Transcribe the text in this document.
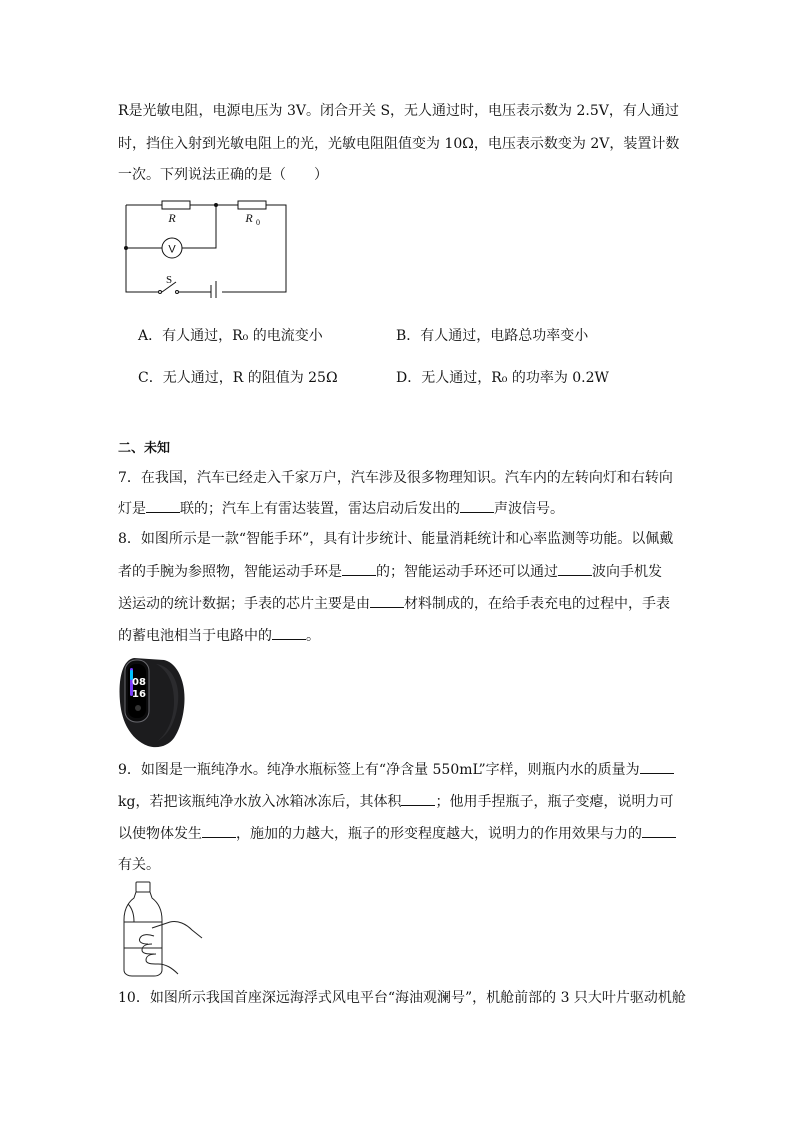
R是光敏电阻，电源电压为 3V。闭合开关 S，无人通过时，电压表示数为 2.5V，有人通过
时，挡住入射到光敏电阻上的光，光敏电阻阻值变为 10Ω，电压表示数变为 2V，装置计数
一次。下列说法正确的是（　　）
R	R 0
V
S
A．有人通过，R₀ 的电流变小	B．有人通过，电路总功率变小
C．无人通过，R 的阻值为 25Ω	D．无人通过，R₀ 的功率为 0.2W
二、未知
7．在我国，汽车已经走入千家万户，汽车涉及很多物理知识。汽车内的左转向灯和右转向
灯是 联的；汽车上有雷达装置，雷达启动后发出的 声波信号。
8．如图所示是一款“智能手环”，具有计步统计、能量消耗统计和心率监测等功能。以佩戴
者的手腕为参照物，智能运动手环是 的；智能运动手环还可以通过 波向手机发
送运动的统计数据；手表的芯片主要是由 材料制成的，在给手表充电的过程中，手表
的蓄电池相当于电路中的 。
08
16
9．如图是一瓶纯净水。纯净水瓶标签上有“净含量 550mL”字样，则瓶内水的质量为
kg，若把该瓶纯净水放入冰箱冰冻后，其体积 ；他用手捏瓶子，瓶子变瘪，说明力可
以使物体发生 ，施加的力越大，瓶子的形变程度越大，说明力的作用效果与力的
有关。
10．如图所示我国首座深远海浮式风电平台“海油观澜号”，机舱前部的 3 只大叶片驱动机舱
